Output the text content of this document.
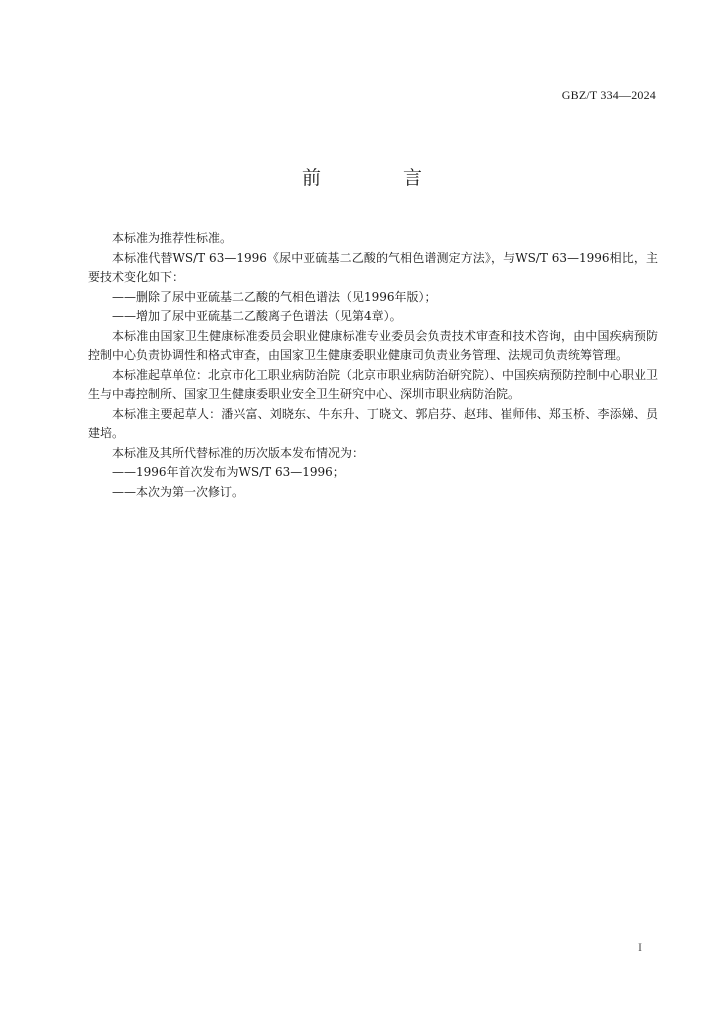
GBZ/T 334—2024
前 言

本标准为推荐性标准。

本标准代替WS/T 63—1996《尿中亚硫基二乙酸的气相色谱测定方法》，与WS/T 63—1996相比，主要技术变化如下：

——删除了尿中亚硫基二乙酸的气相色谱法（见1996年版）；

——增加了尿中亚硫基二乙酸离子色谱法（见第4章）。

本标准由国家卫生健康标准委员会职业健康标准专业委员会负责技术审查和技术咨询，由中国疾病预防控制中心负责协调性和格式审查，由国家卫生健康委职业健康司负责业务管理、法规司负责统筹管理。

本标准起草单位：北京市化工职业病防治院（北京市职业病防治研究院）、中国疾病预防控制中心职业卫生与中毒控制所、国家卫生健康委职业安全卫生研究中心、深圳市职业病防治院。

本标准主要起草人：潘兴富、刘晓东、牛东升、丁晓文、郭启芬、赵玮、崔师伟、郑玉桥、李添娣、员建培。

本标准及其所代替标准的历次版本发布情况为：

——1996年首次发布为WS/T 63—1996；

——本次为第一次修订。

I
